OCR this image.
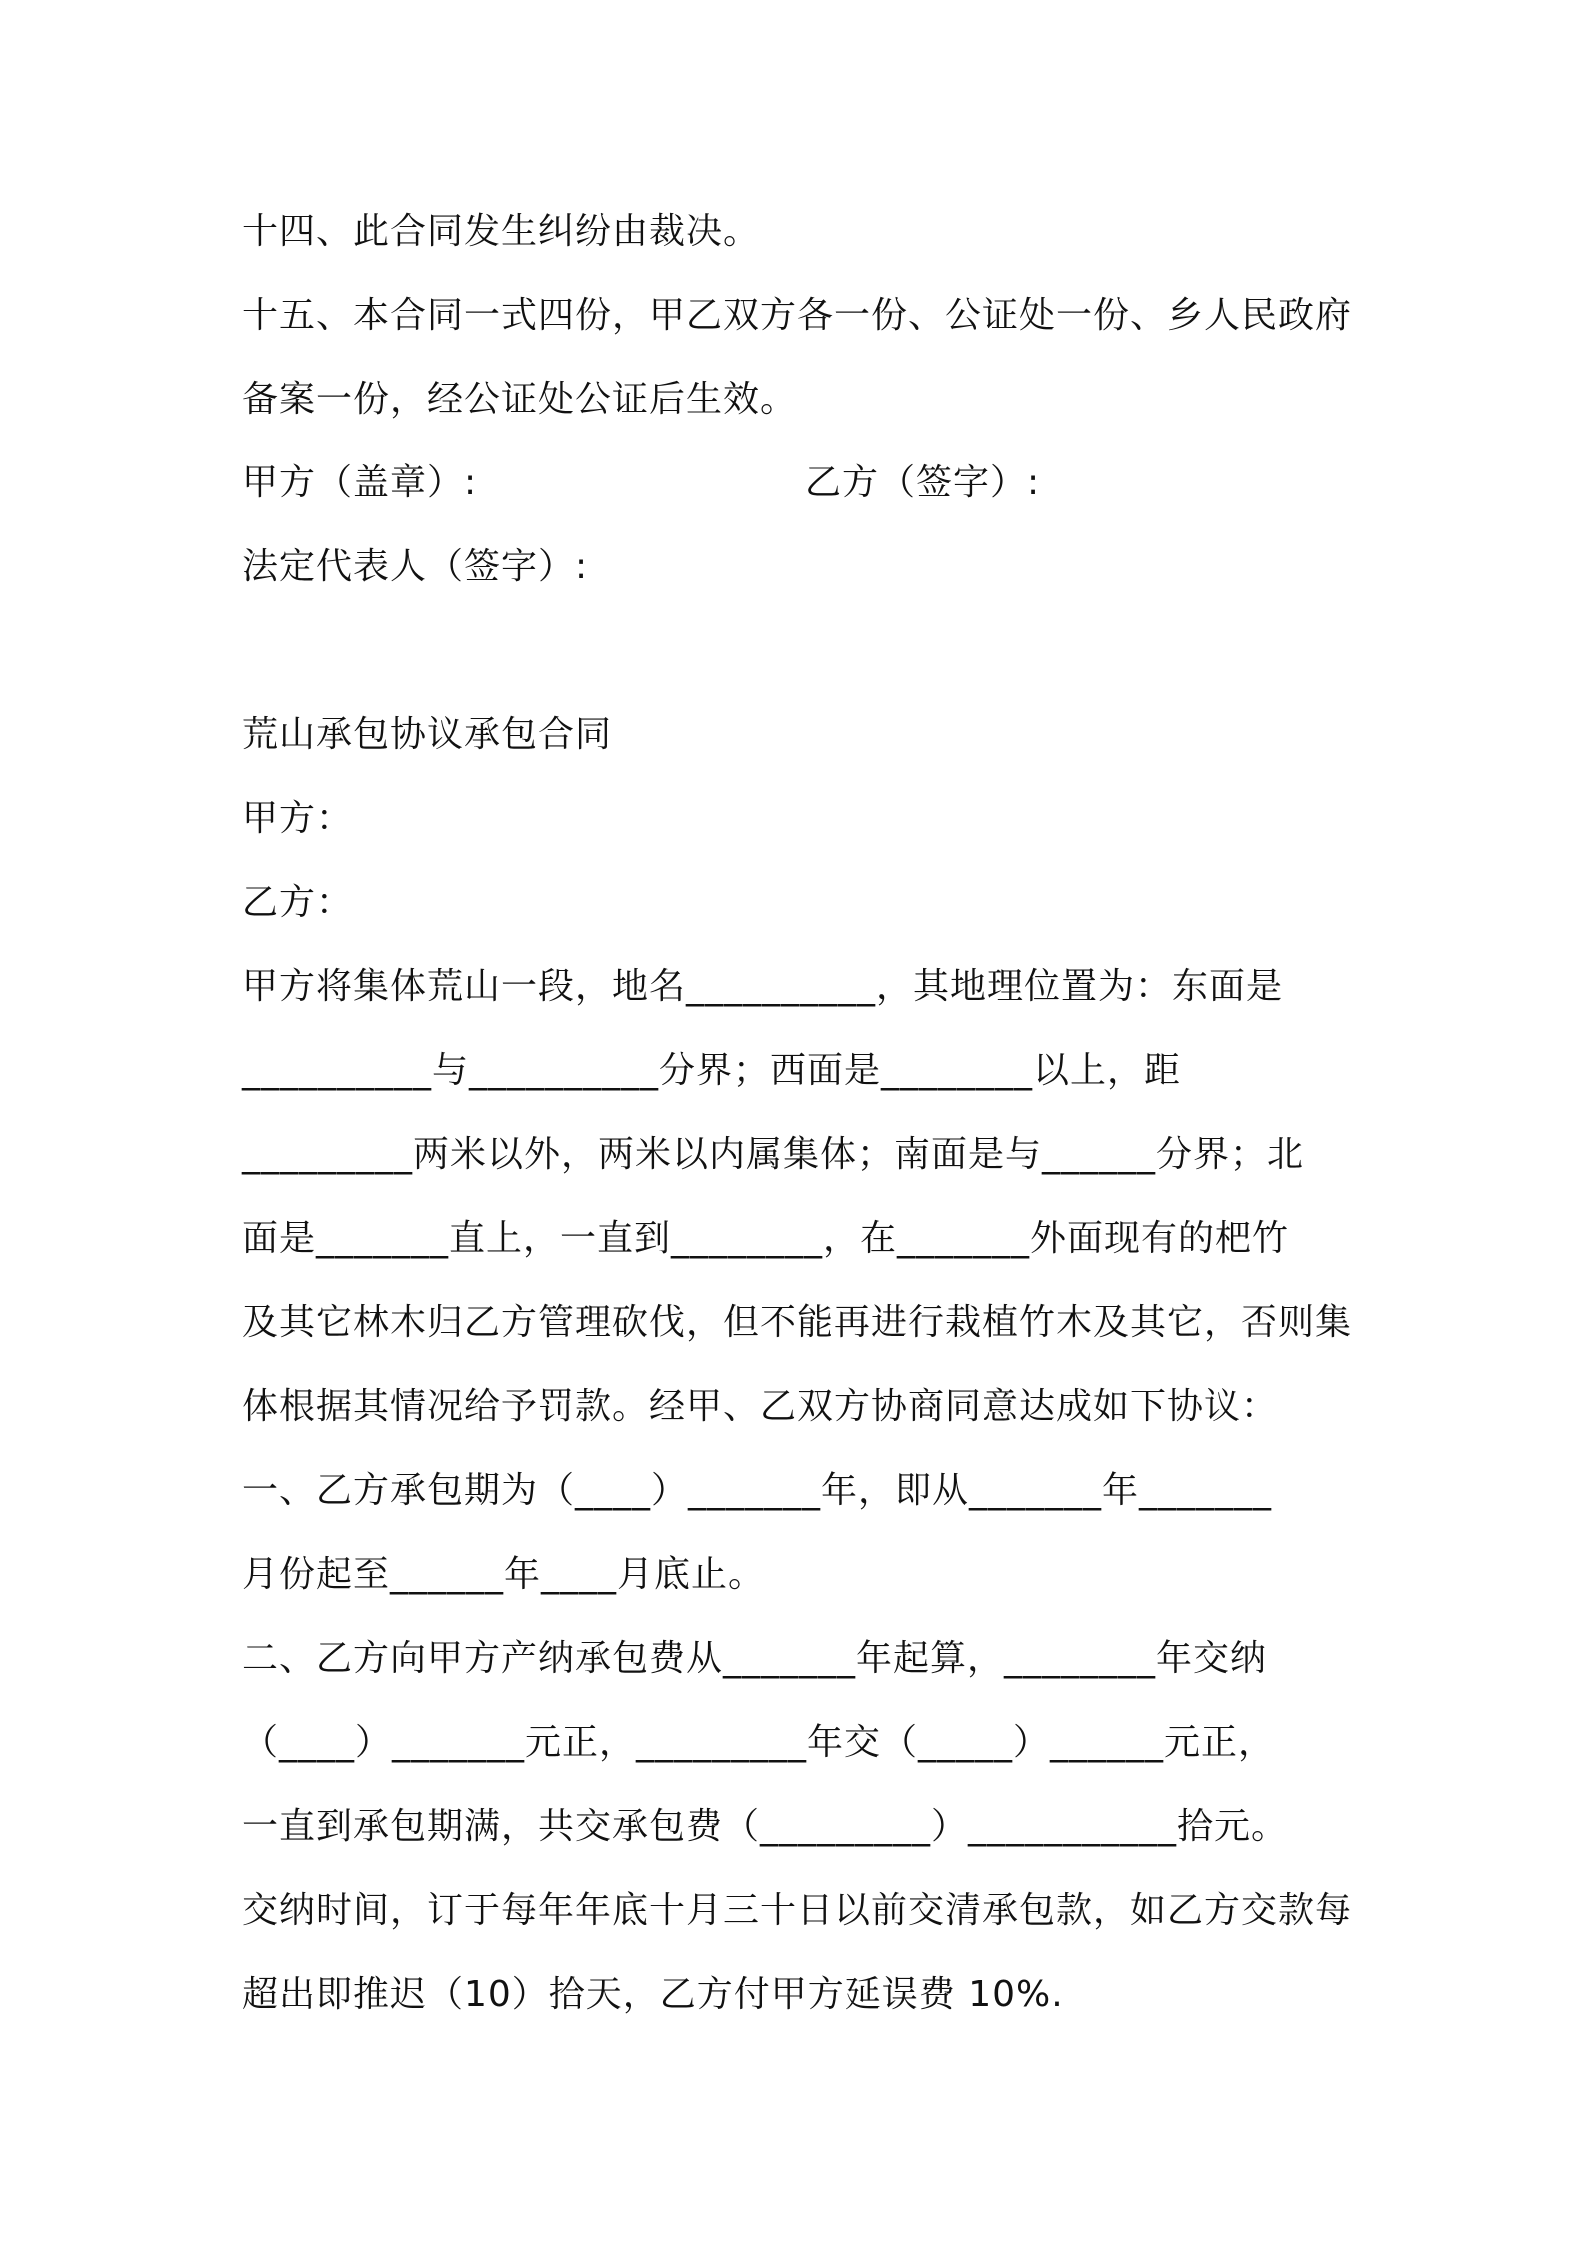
十四、此合同发生纠纷由裁决。
十五、本合同一式四份，甲乙双方各一份、公证处一份、乡人民政府
备案一份，经公证处公证后生效。
甲方（盖章）:	乙方（签字）:
法定代表人（签字）:
荒山承包协议承包合同
甲方：
乙方：
甲方将集体荒山一段，地名__________，其地理位置为：东面是
__________与__________分界；西面是________以上，距
_________两米以外，两米以内属集体；南面是与______分界；北
面是_______直上，一直到________，在_______外面现有的杷竹
及其它林木归乙方管理砍伐，但不能再进行栽植竹木及其它，否则集
体根据其情况给予罚款。经甲、乙双方协商同意达成如下协议：
一、乙方承包期为（____）_______年，即从_______年_______
月份起至______年____月底止。
二、乙方向甲方产纳承包费从_______年起算，________年交纳
（____）_______元正，_________年交（_____）______元正，
一直到承包期满，共交承包费（_________）___________拾元。
交纳时间，订于每年年底十月三十日以前交清承包款，如乙方交款每
超出即推迟（10）拾天，乙方付甲方延误费 10%.
